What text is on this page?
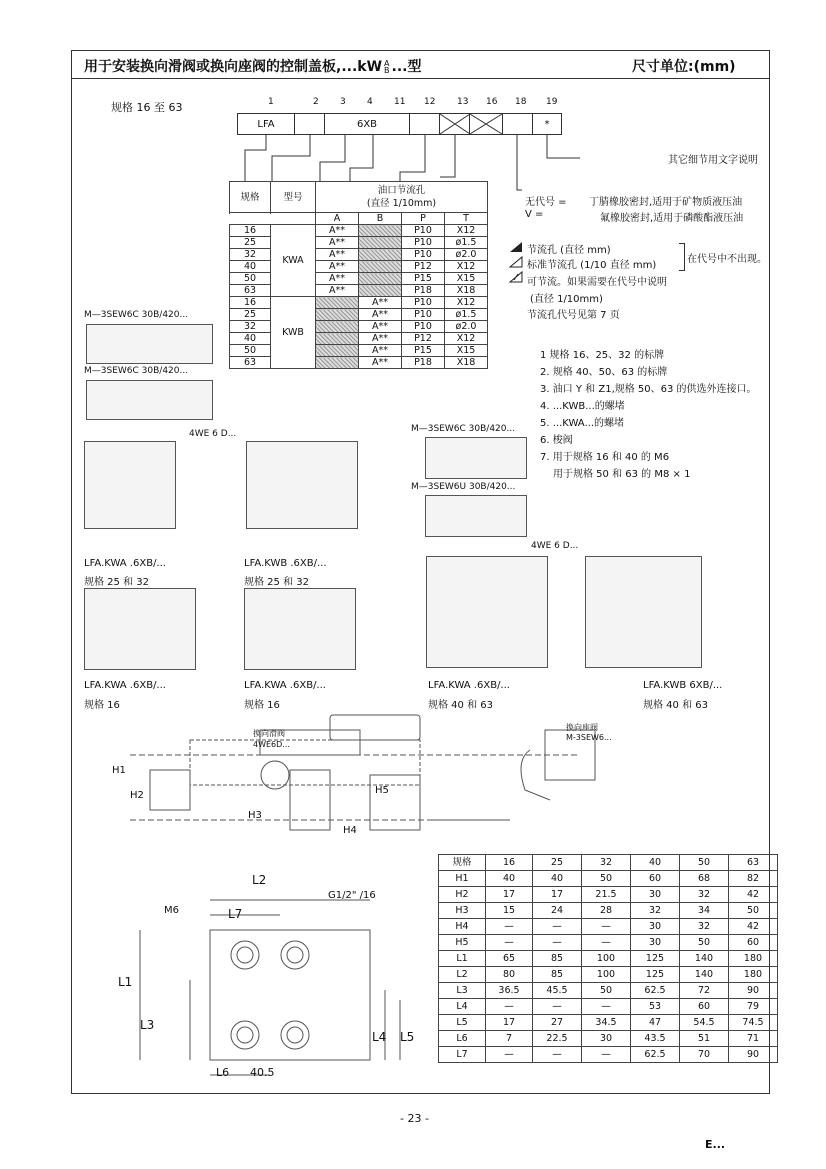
用于安装换向滑阀或换向座阀的控制盖板,...kW A
B ...型	尺寸单位:(mm)
规格 16 至 63	1	2 3 4 11 12 13 16 18 19
LFA	6XB	*
其它细节用文字说明
无代号 = 丁腈橡胶密封,适用于矿物质液压油
V =	氟橡胶密封,适用于磷酸酯液压油
规格	型号	油口节流孔
(直径 1/10mm)			

		A	B	P	T
16	KWA	A**		P10	X12
25		A**		P10	ø1.5
32		A**		P10	ø2.0
40		A**		P12	X12
50		A**		P15	X15
63		A**		P18	X18
16	KWB		A**	P10	X12
25			A**	P10	ø1.5
32			A**	P10	ø2.0
40			A**	P12	X12
50			A**	P15	X15
63			A**	P18	X18
节流孔 (直径 mm)
标准节流孔 (1/10 直径 mm)
在代号中不出现。
可节流。如果需要在代号中说明
(直径 1/10mm)
节流孔代号见第 7 页
1 规格 16、25、32 的标牌
2. 规格 40、50、63 的标牌
3. 油口 Y 和 Z1,规格 50、63 的供选外连接口。
4. ...KWB...的螺堵
5. ...KWA...的螺堵
6. 梭阀
7. 用于规格 16 和 40 的 M6
用于规格 50 和 63 的 M8 × 1
M—3SEW6C 30B/420...
M—3SEW6C 30B/420...
4WE 6 D...	M—3SEW6C 30B/420...
M—3SEW6U 30B/420...
LFA.KWA .6XB/...
规格 25 和 32
LFA.KWB .6XB/...
规格 25 和 32
4WE 6 D...
LFA.KWA .6XB/...
规格 16
LFA.KWA .6XB/...
规格 16
LFA.KWA .6XB/...
规格 40 和 63
LFA.KWB 6XB/...
规格 40 和 63
换向座阀
M-3SEW6...
换向滑阀
4WE6D...
H1
H2
H3
H4
H5
L2
L7
M6
G1/2" /16
L1
L3
L4 L5
L6 40.5
规格	16	25	32	40	50	63
H1	40	40	50	60	68	82
H2	17	17	21.5	30	32	42
H3	15	24	28	32	34	50
H4	—	—	—	30	32	42
H5	—	—	—	30	50	60
L1	65	85	100	125	140	180
L2	80	85	100	125	140	180
L3	36.5	45.5	50	62.5	72	90
L4	—	—	—	53	60	79
L5	17	27	34.5	47	54.5	74.5
L6	7	22.5	30	43.5	51	71
L7	—	—	—	62.5	70	90
- 23 -
E...
